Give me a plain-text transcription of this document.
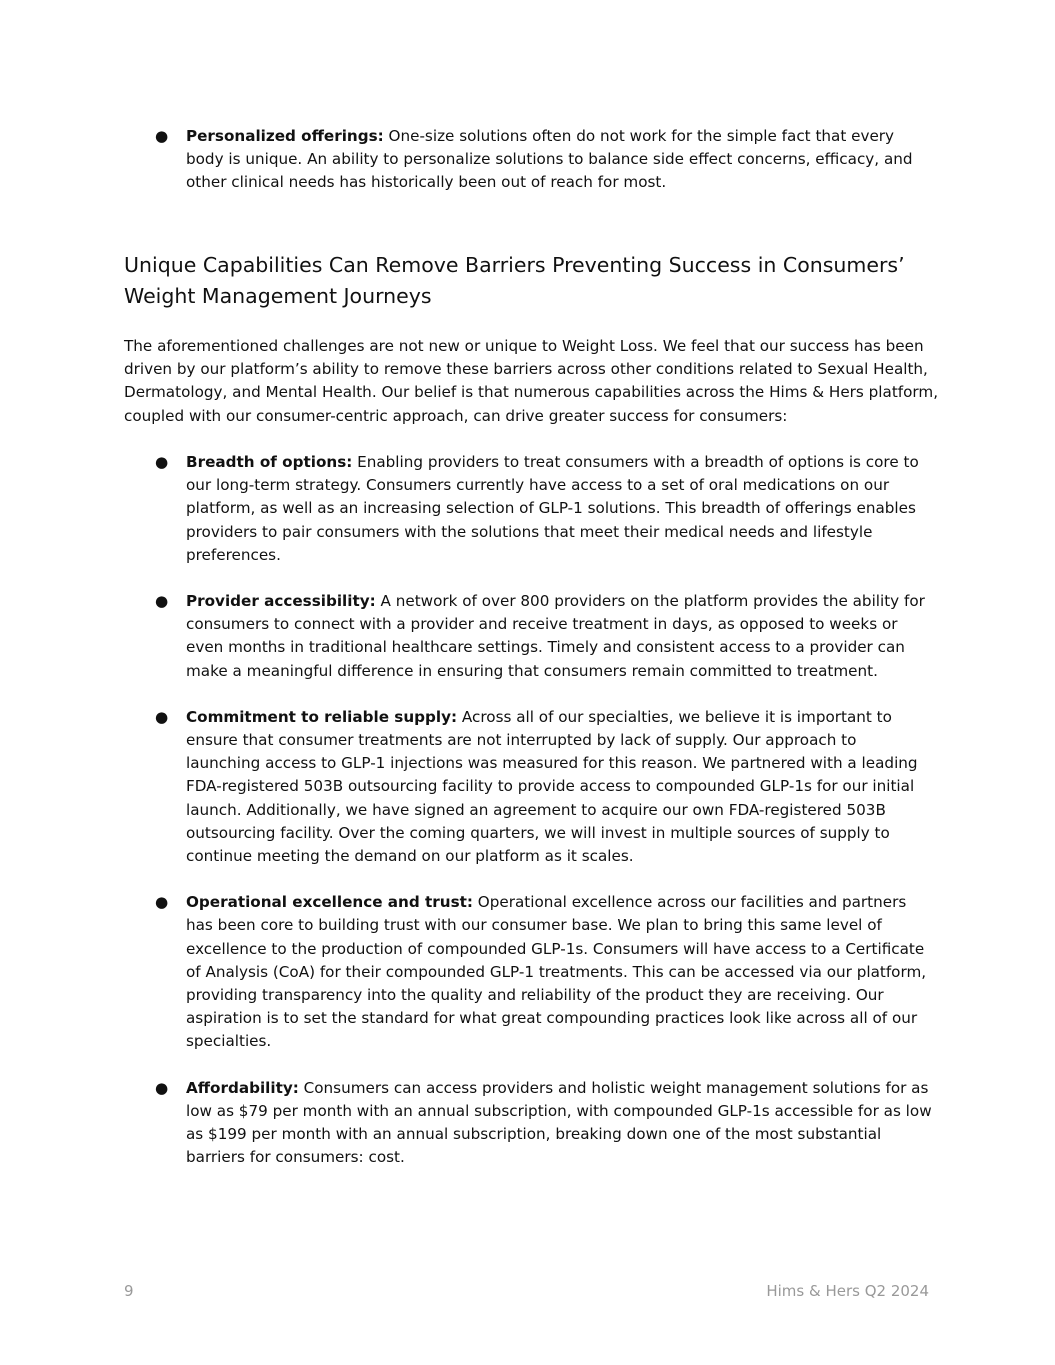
● Personalized offerings: One-size solutions often do not work for the simple fact that every body is unique. An ability to personalize solutions to balance side effect concerns, efficacy, and other clinical needs has historically been out of reach for most.
Unique Capabilities Can Remove Barriers Preventing Success in Consumers’ Weight Management Journeys

The aforementioned challenges are not new or unique to Weight Loss. We feel that our success has been driven by our platform’s ability to remove these barriers across other conditions related to Sexual Health, Dermatology, and Mental Health. Our belief is that numerous capabilities across the Hims & Hers platform, coupled with our consumer-centric approach, can drive greater success for consumers:

● Breadth of options: Enabling providers to treat consumers with a breadth of options is core to our long-term strategy. Consumers currently have access to a set of oral medications on our platform, as well as an increasing selection of GLP-1 solutions. This breadth of offerings enables providers to pair consumers with the solutions that meet their medical needs and lifestyle preferences.
● Provider accessibility: A network of over 800 providers on the platform provides the ability for consumers to connect with a provider and receive treatment in days, as opposed to weeks or even months in traditional healthcare settings. Timely and consistent access to a provider can make a meaningful difference in ensuring that consumers remain committed to treatment.
● Commitment to reliable supply: Across all of our specialties, we believe it is important to ensure that consumer treatments are not interrupted by lack of supply. Our approach to launching access to GLP-1 injections was measured for this reason. We partnered with a leading FDA-registered 503B outsourcing facility to provide access to compounded GLP-1s for our initial launch. Additionally, we have signed an agreement to acquire our own FDA-registered 503B outsourcing facility. Over the coming quarters, we will invest in multiple sources of supply to continue meeting the demand on our platform as it scales.
● Operational excellence and trust: Operational excellence across our facilities and partners has been core to building trust with our consumer base. We plan to bring this same level of excellence to the production of compounded GLP-1s. Consumers will have access to a Certificate of Analysis (CoA) for their compounded GLP-1 treatments. This can be accessed via our platform, providing transparency into the quality and reliability of the product they are receiving. Our aspiration is to set the standard for what great compounding practices look like across all of our specialties.
● Affordability: Consumers can access providers and holistic weight management solutions for as low as $79 per month with an annual subscription, with compounded GLP-1s accessible for as low as $199 per month with an annual subscription, breaking down one of the most substantial barriers for consumers: cost.
9	Hims & Hers Q2 2024
